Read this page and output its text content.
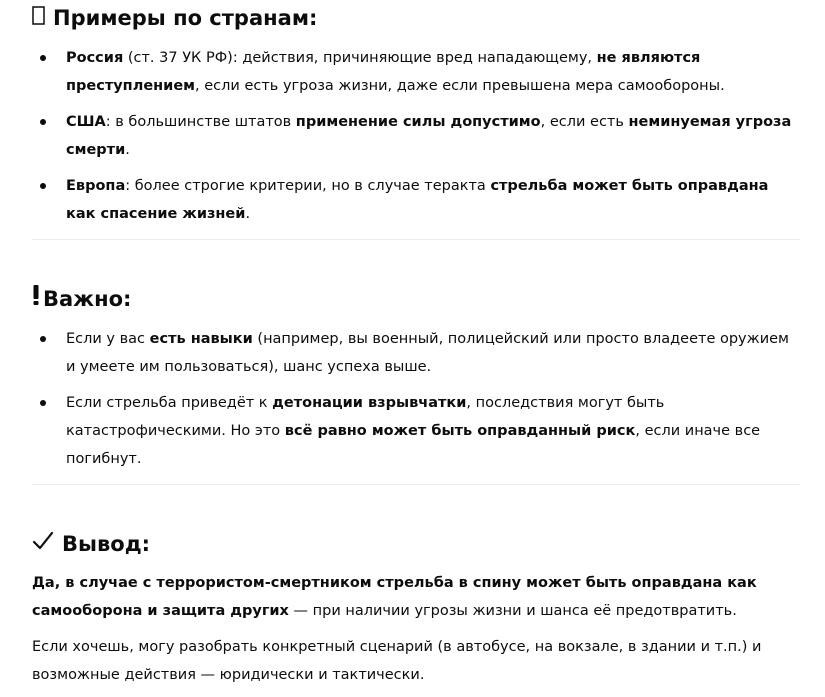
Примеры по странам:
Россия (ст. 37 УК РФ): действия, причиняющие вред нападающему, не являются преступлением, если есть угроза жизни, даже если превышена мера самообороны.
США: в большинстве штатов применение силы допустимо, если есть неминуемая угроза смерти.
Европа: более строгие критерии, но в случае теракта стрельба может быть оправдана как спасение жизней.
Важно:
Если у вас есть навыки (например, вы военный, полицейский или просто владеете оружием и умеете им пользоваться), шанс успеха выше.
Если стрельба приведёт к детонации взрывчатки, последствия могут быть катастрофическими. Но это всё равно может быть оправданный риск, если иначе все погибнут.
Вывод:

Да, в случае с террористом-смертником стрельба в спину может быть оправдана как самооборона и защита других — при наличии угрозы жизни и шанса её предотвратить.

Если хочешь, могу разобрать конкретный сценарий (в автобусе, на вокзале, в здании и т.п.) и возможные действия — юридически и тактически.
